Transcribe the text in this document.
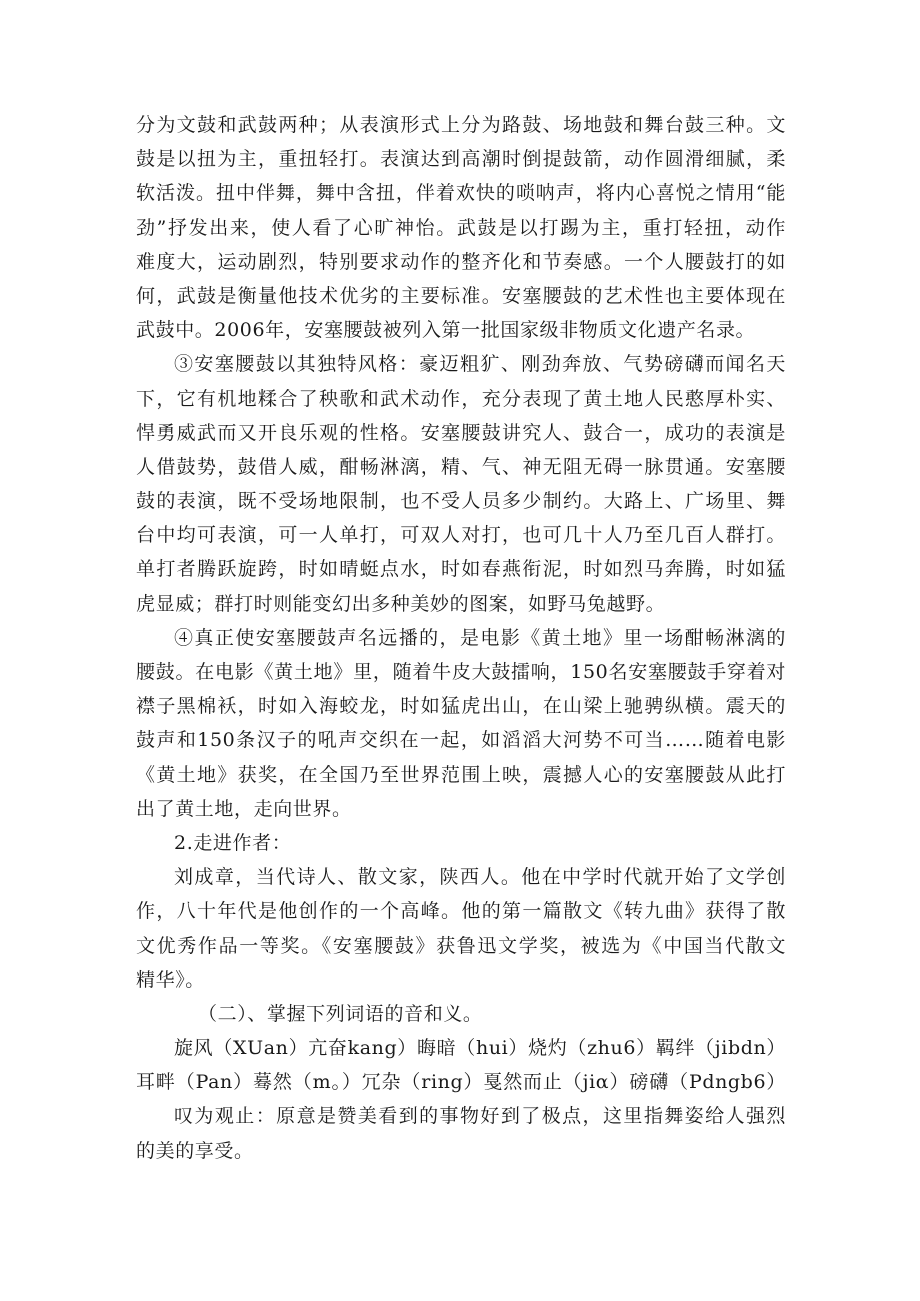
分为文鼓和武鼓两种；从表演形式上分为路鼓、场地鼓和舞台鼓三种。文
鼓是以扭为主，重扭轻打。表演达到高潮时倒提鼓箭，动作圆滑细腻，柔
软活泼。扭中伴舞，舞中含扭，伴着欢快的唢呐声，将内心喜悦之情用“能
劲”抒发出来，使人看了心旷神怡。武鼓是以打踢为主，重打轻扭，动作
难度大，运动剧烈，特别要求动作的整齐化和节奏感。一个人腰鼓打的如
何，武鼓是衡量他技术优劣的主要标准。安塞腰鼓的艺术性也主要体现在
武鼓中。2006年，安塞腰鼓被列入第一批国家级非物质文化遗产名录。
③安塞腰鼓以其独特风格：豪迈粗犷、刚劲奔放、气势磅礴而闻名天
下，它有机地糅合了秧歌和武术动作，充分表现了黄土地人民憨厚朴实、
悍勇威武而又开良乐观的性格。安塞腰鼓讲究人、鼓合一，成功的表演是
人借鼓势，鼓借人威，酣畅淋漓，精、气、神无阻无碍一脉贯通。安塞腰
鼓的表演，既不受场地限制，也不受人员多少制约。大路上、广场里、舞
台中均可表演，可一人单打，可双人对打，也可几十人乃至几百人群打。
单打者腾跃旋跨，时如晴蜓点水，时如春燕衔泥，时如烈马奔腾，时如猛
虎显威；群打时则能变幻出多种美妙的图案，如野马兔越野。
④真正使安塞腰鼓声名远播的，是电影《黄土地》里一场酣畅淋漓的
腰鼓。在电影《黄土地》里，随着牛皮大鼓擂响，150名安塞腰鼓手穿着对
襟子黑棉袄，时如入海蛟龙，时如猛虎出山，在山梁上驰骋纵横。震天的
鼓声和150条汉子的吼声交织在一起，如滔滔大河势不可当……随着电影
《黄土地》获奖，在全国乃至世界范围上映，震撼人心的安塞腰鼓从此打
出了黄土地，走向世界。
2.走进作者：
刘成章，当代诗人、散文家，陕西人。他在中学时代就开始了文学创
作，八十年代是他创作的一个高峰。他的第一篇散文《转九曲》获得了散
文优秀作品一等奖。《安塞腰鼓》获鲁迅文学奖，被选为《中国当代散文
精华》。
（二）、掌握下列词语的音和义。
旋风（XUan）亢奋kang）晦暗（hui）烧灼（zhu6）羁绊（jibdn）
耳畔（Pan）蓦然（m。）冗杂（ring）戛然而止（jiα）磅礴（Pdngb6）
叹为观止：原意是赞美看到的事物好到了极点，这里指舞姿给人强烈
的美的享受。
